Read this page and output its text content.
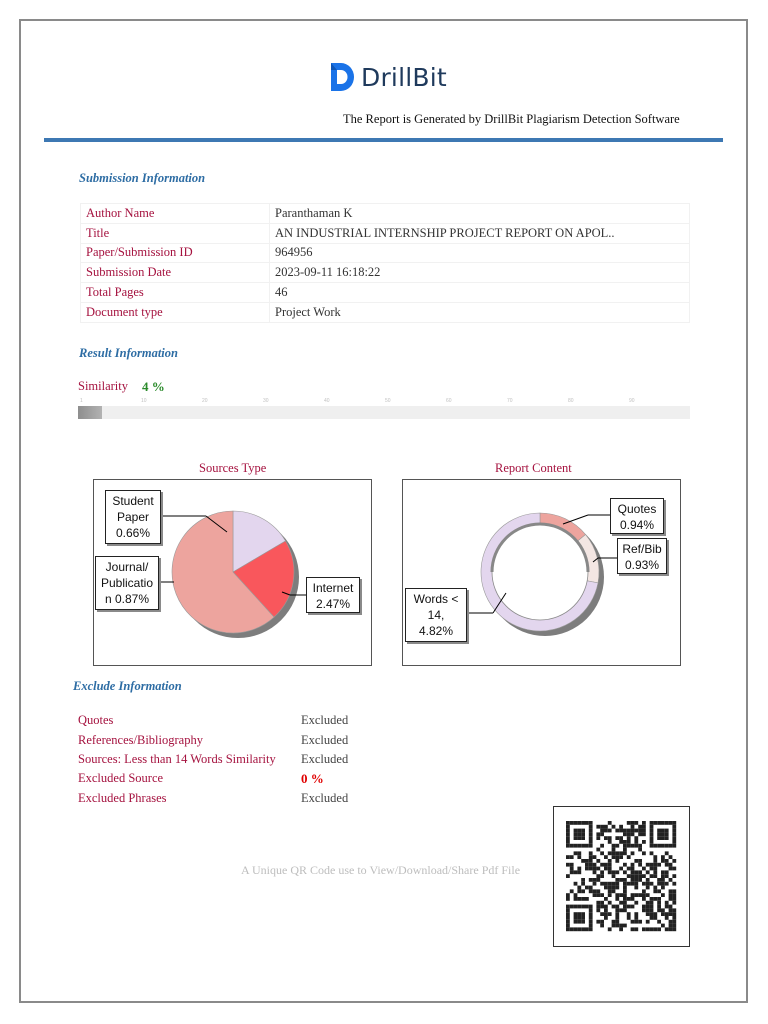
DrillBit
The Report is Generated by DrillBit Plagiarism Detection Software
Submission Information
Author Name	Paranthaman K
Title	AN INDUSTRIAL INTERNSHIP PROJECT REPORT ON APOL..
Paper/Submission ID	964956
Submission Date	2023-09-11 16:18:22
Total Pages	46
Document type	Project Work
Result Information
Similarity 4 %
1	10	20	30	40	50	60	70	80	90
Sources Type
Student Paper 0.66%
Journal/ Publicatio n 0.87%
Internet 2.47%
Report Content
Quotes 0.94%
Ref/Bib 0.93%
Words < 14, 4.82%
Exclude Information
Quotes	Excluded
References/Bibliography	Excluded
Sources: Less than 14 Words Similarity Excluded
Excluded Source	0 %
Excluded Phrases	Excluded
A Unique QR Code use to View/Download/Share Pdf File
